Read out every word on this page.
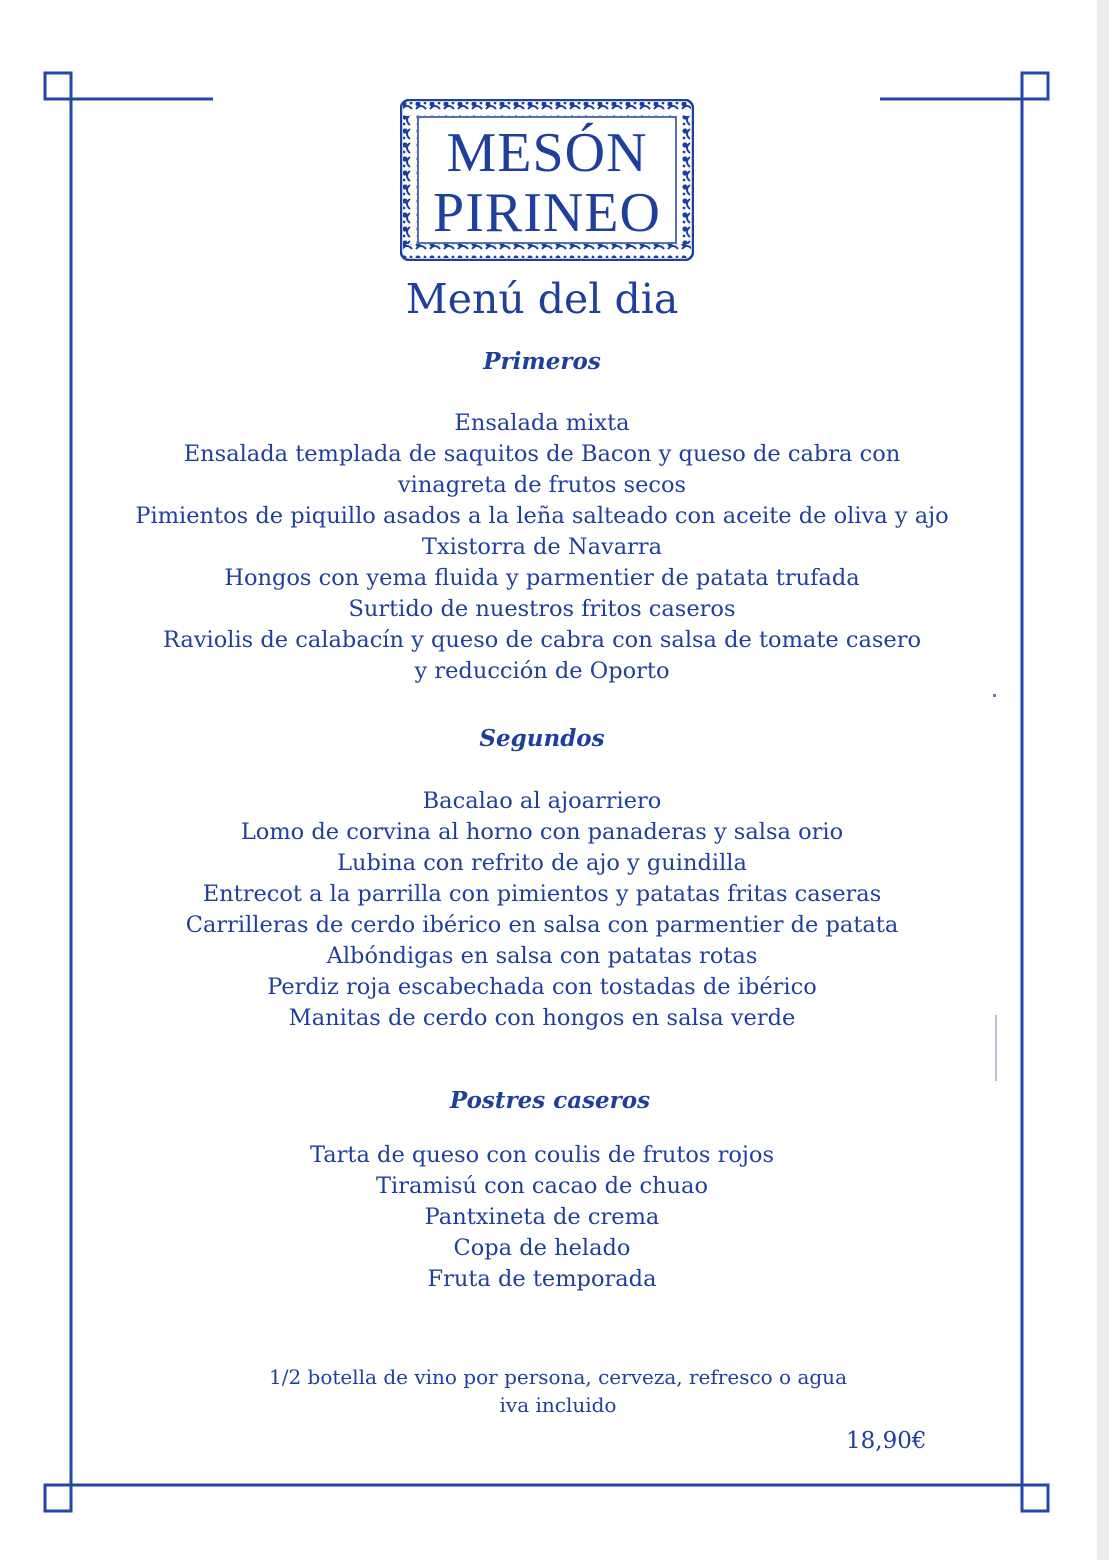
MESÓN
PIRINEO
Menú del dia
Primeros
Ensalada mixta
Ensalada templada de saquitos de Bacon y queso de cabra con
vinagreta de frutos secos
Pimientos de piquillo asados a la leña salteado con aceite de oliva y ajo
Txistorra de Navarra
Hongos con yema fluida y parmentier de patata trufada
Surtido de nuestros fritos caseros
Raviolis de calabacín y queso de cabra con salsa de tomate casero
y reducción de Oporto
Segundos
Bacalao al ajoarriero
Lomo de corvina al horno con panaderas y salsa orio
Lubina con refrito de ajo y guindilla
Entrecot a la parrilla con pimientos y patatas fritas caseras
Carrilleras de cerdo ibérico en salsa con parmentier de patata
Albóndigas en salsa con patatas rotas
Perdiz roja escabechada con tostadas de ibérico
Manitas de cerdo con hongos en salsa verde
Postres caseros
Tarta de queso con coulis de frutos rojos
Tiramisú con cacao de chuao
Pantxineta de crema
Copa de helado
Fruta de temporada
1/2 botella de vino por persona, cerveza, refresco o agua
iva incluido
18,90€
